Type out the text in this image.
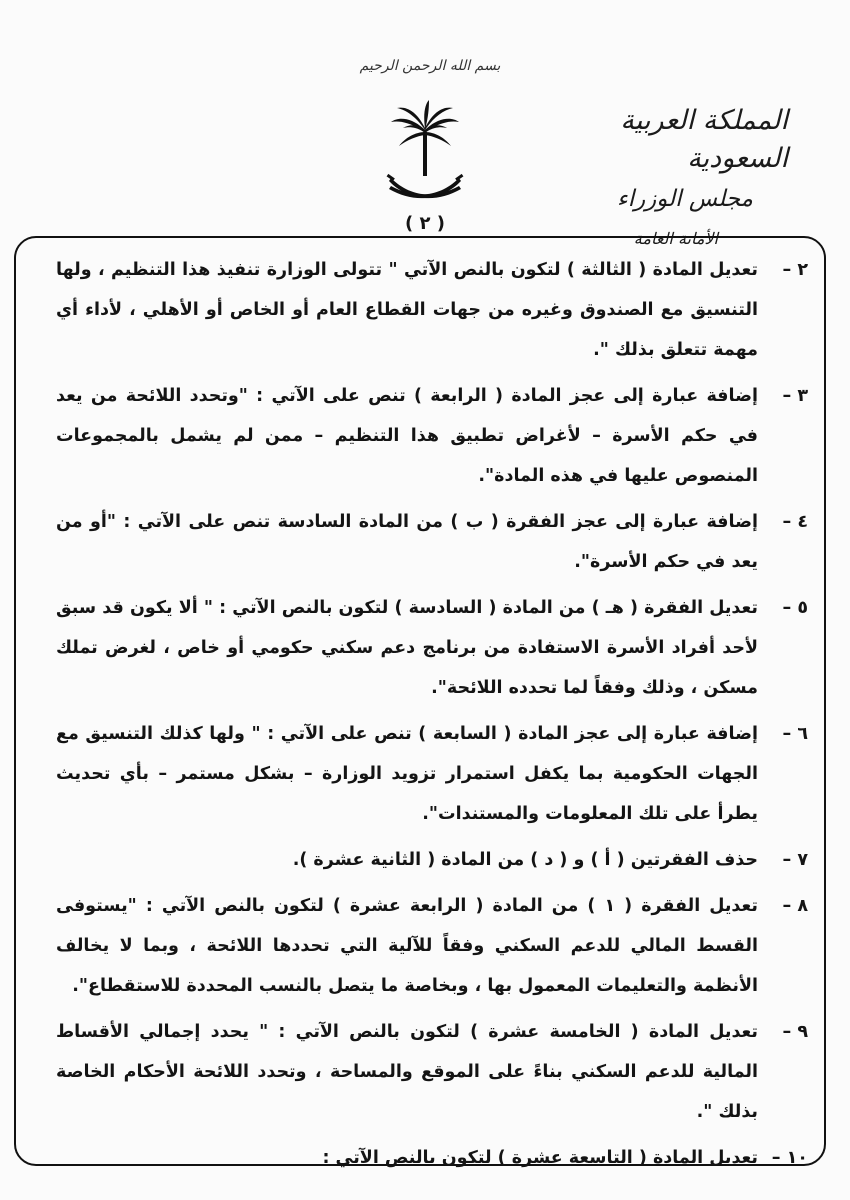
بسم الله الرحمن الرحيم
المملكة العربية السعودية
مجلس الوزراء
الأمانة العامة
( ٢ )
٢ –
تعديل المادة ( الثالثة ) لتكون بالنص الآتي " تتولى الوزارة تنفيذ هذا التنظيم ، ولها التنسيق مع الصندوق وغيره من جهات القطاع العام أو الخاص أو الأهلي ، لأداء أي مهمة تتعلق بذلك ".
٣ –
إضافة عبارة إلى عجز المادة ( الرابعة ) تنص على الآتي : "وتحدد اللائحة من يعد في حكم الأسرة – لأغراض تطبيق هذا التنظيم – ممن لم يشمل بالمجموعات المنصوص عليها في هذه المادة".
٤ –
إضافة عبارة إلى عجز الفقرة ( ب ) من المادة السادسة تنص على الآتي : "أو من يعد في حكم الأسرة".
٥ –
تعديل الفقرة ( هـ ) من المادة ( السادسة ) لتكون بالنص الآتي : " ألا يكون قد سبق لأحد أفراد الأسرة الاستفادة من برنامج دعم سكني حكومي أو خاص ، لغرض تملك مسكن ، وذلك وفقاً لما تحدده اللائحة".
٦ –
إضافة عبارة إلى عجز المادة ( السابعة ) تنص على الآتي : " ولها كذلك التنسيق مع الجهات الحكومية بما يكفل استمرار تزويد الوزارة – بشكل مستمر – بأي تحديث يطرأ على تلك المعلومات والمستندات".
٧ –
حذف الفقرتين ( أ ) و ( د ) من المادة ( الثانية عشرة ).
٨ –
تعديل الفقرة ( ١ ) من المادة ( الرابعة عشرة ) لتكون بالنص الآتي : "يستوفى القسط المالي للدعم السكني وفقاً للآلية التي تحددها اللائحة ، وبما لا يخالف الأنظمة والتعليمات المعمول بها ، وبخاصة ما يتصل بالنسب المحددة للاستقطاع".
٩ –
تعديل المادة ( الخامسة عشرة ) لتكون بالنص الآتي : " يحدد إجمالي الأقساط المالية للدعم السكني بناءً على الموقع والمساحة ، وتحدد اللائحة الأحكام الخاصة بذلك ".
١٠ –
تعديل المادة ( التاسعة عشرة ) لتكون بالنص الآتي :
